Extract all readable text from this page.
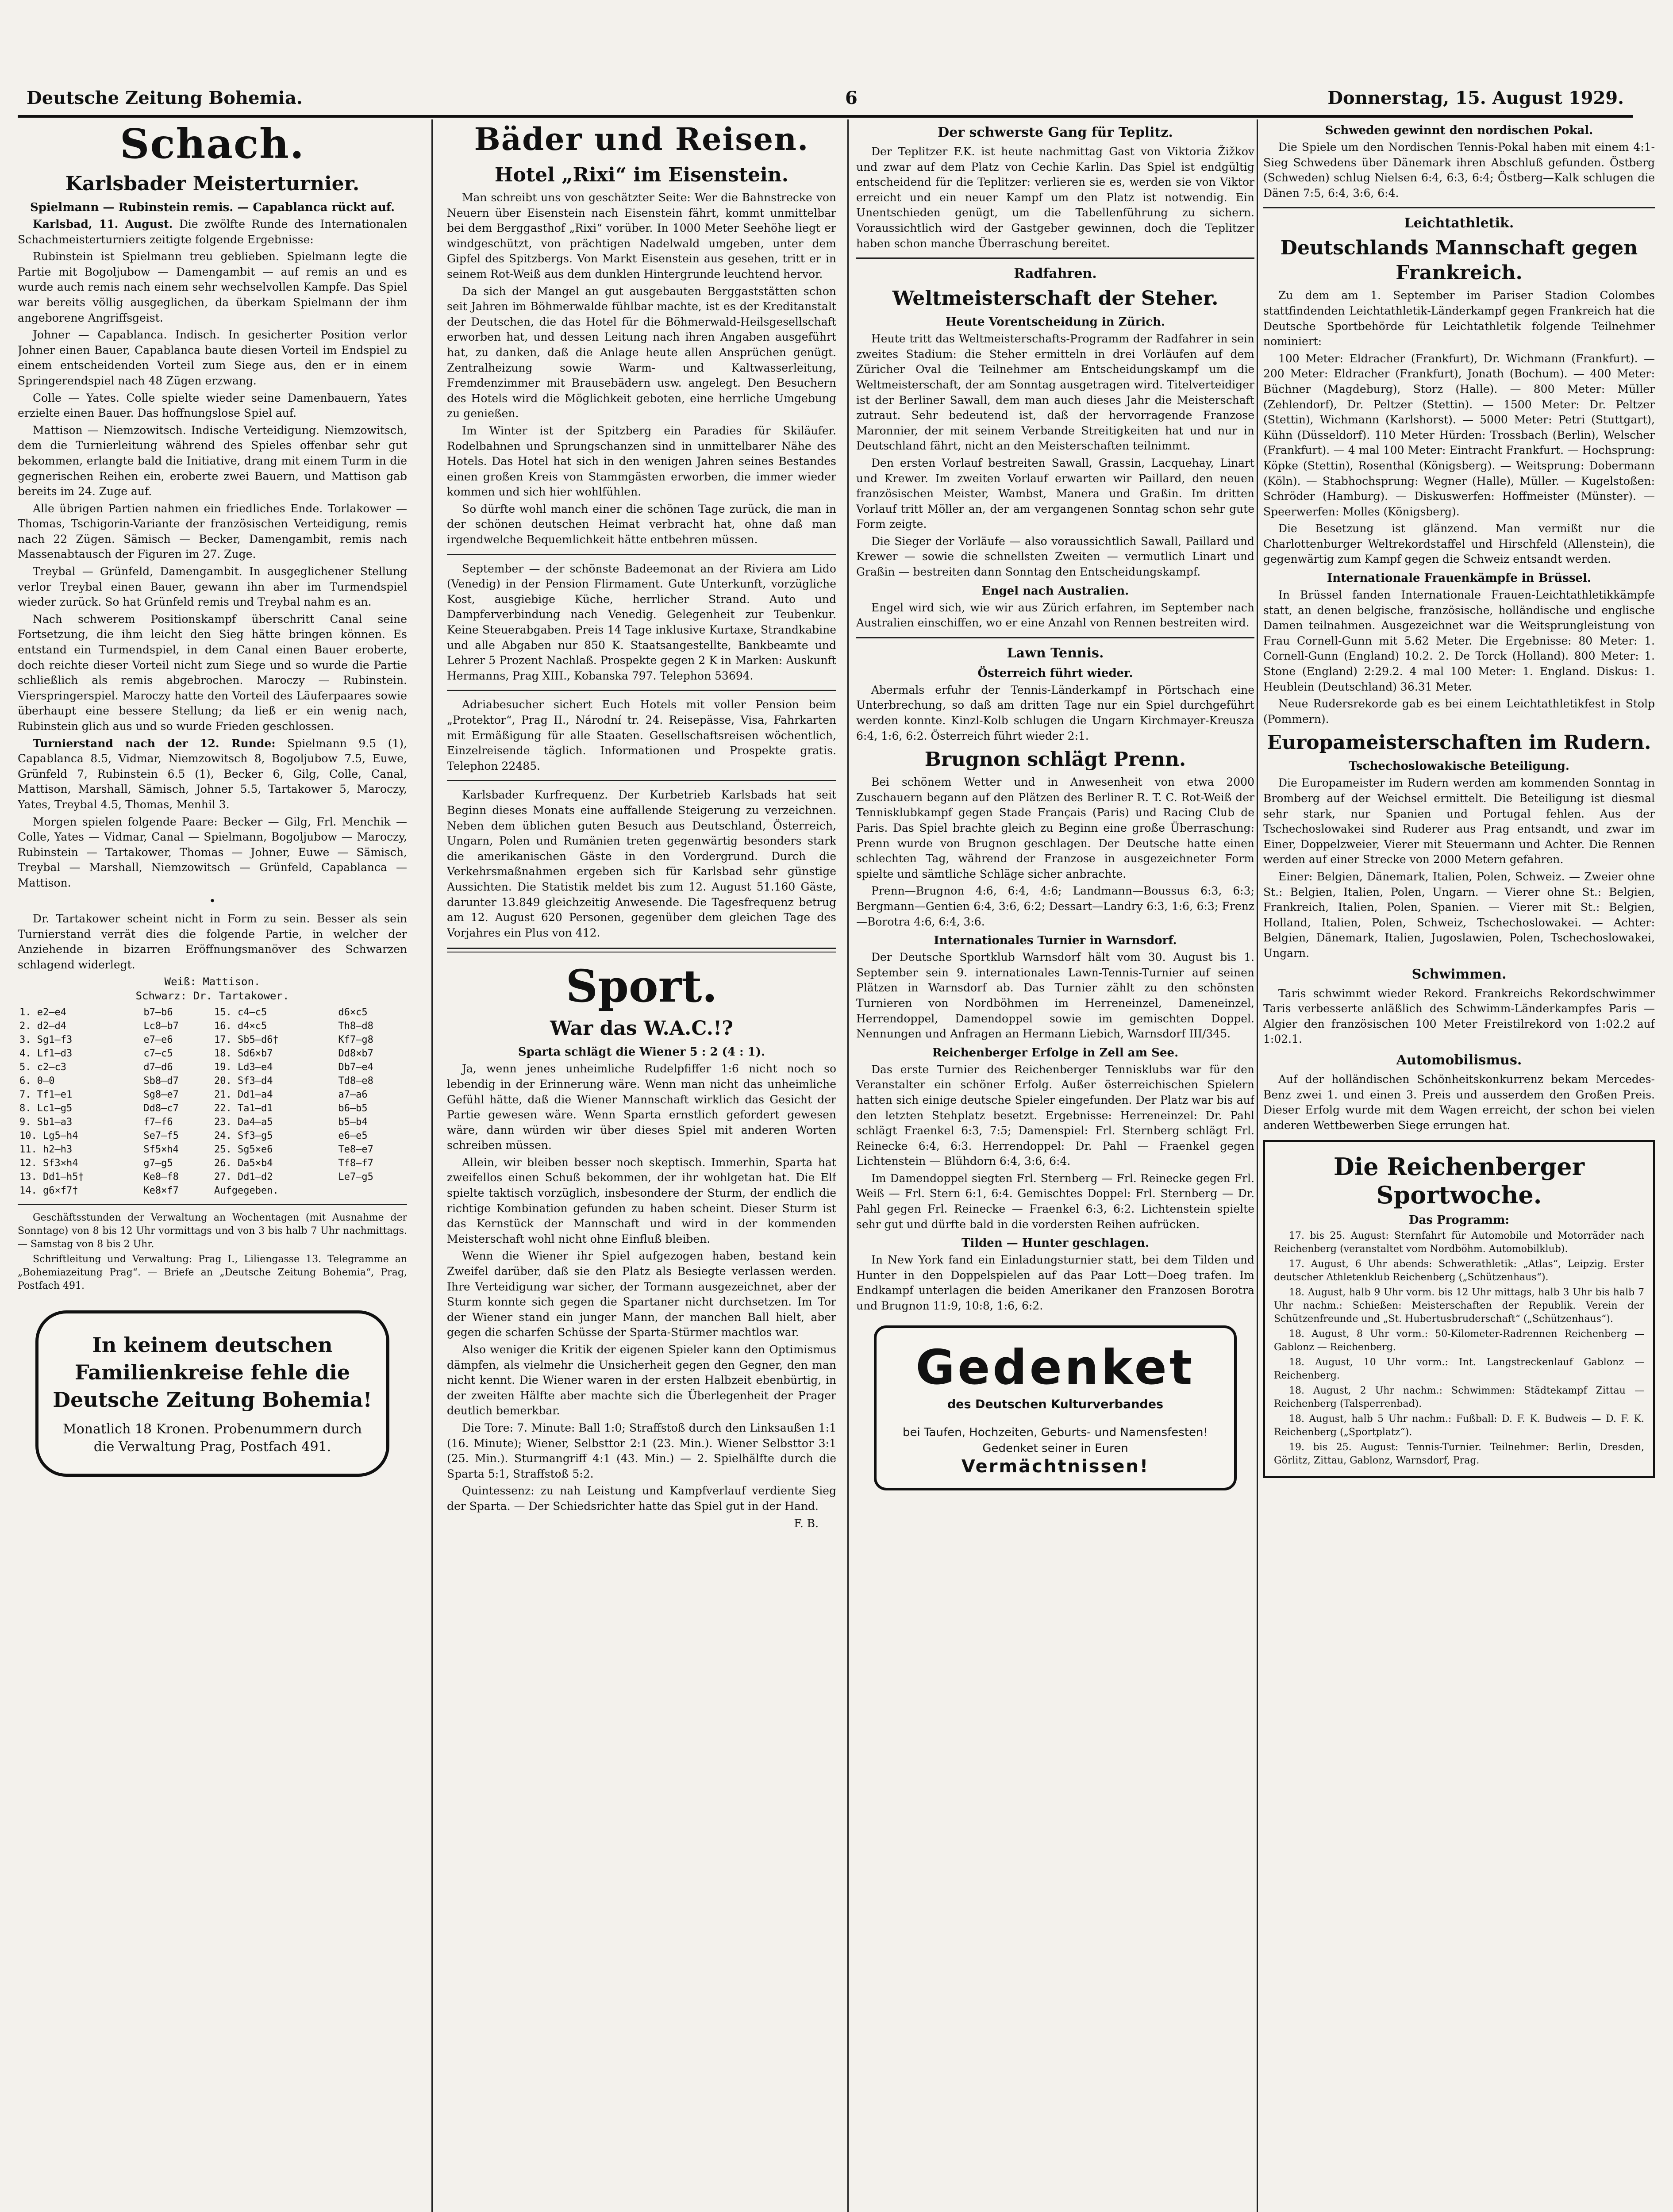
Deutsche Zeitung Bohemia.	6	Donnerstag, 15. August 1929.
Schach.
Karlsbader Meisterturnier.
Spielmann — Rubinstein remis. — Capablanca rückt auf.

Karlsbad, 11. August. Die zwölfte Runde des Internationalen Schachmeisterturniers zeitigte folgende Ergebnisse:

Rubinstein ist Spielmann treu geblieben. Spielmann legte die Partie mit Bogoljubow — Damengambit — auf remis an und es wurde auch remis nach einem sehr wechselvollen Kampfe. Das Spiel war bereits völlig ausgeglichen, da überkam Spielmann der ihm angeborene Angriffsgeist.

Johner — Capablanca. Indisch. In gesicherter Position verlor Johner einen Bauer, Capablanca baute diesen Vorteil im Endspiel zu einem entscheidenden Vorteil zum Siege aus, den er in einem Springerendspiel nach 48 Zügen erzwang.

Colle — Yates. Colle spielte wieder seine Damenbauern, Yates erzielte einen Bauer. Das hoffnungslose Spiel auf.

Mattison — Niemzowitsch. Indische Verteidigung. Niemzowitsch, dem die Turnierleitung während des Spieles offenbar sehr gut bekommen, erlangte bald die Initiative, drang mit einem Turm in die gegnerischen Reihen ein, eroberte zwei Bauern, und Mattison gab bereits im 24. Zuge auf.

Alle übrigen Partien nahmen ein friedliches Ende. Torlakower — Thomas, Tschigorin-Variante der französischen Verteidigung, remis nach 22 Zügen. Sämisch — Becker, Damengambit, remis nach Massenabtausch der Figuren im 27. Zuge.

Treybal — Grünfeld, Damengambit. In ausgeglichener Stellung verlor Treybal einen Bauer, gewann ihn aber im Turmendspiel wieder zurück. So hat Grünfeld remis und Treybal nahm es an.

Nach schwerem Positionskampf überschritt Canal seine Fortsetzung, die ihm leicht den Sieg hätte bringen können. Es entstand ein Turmendspiel, in dem Canal einen Bauer eroberte, doch reichte dieser Vorteil nicht zum Siege und so wurde die Partie schließlich als remis abgebrochen. Maroczy — Rubinstein. Vierspringerspiel. Maroczy hatte den Vorteil des Läuferpaares sowie überhaupt eine bessere Stellung; da ließ er ein wenig nach, Rubinstein glich aus und so wurde Frieden geschlossen.

Turnierstand nach der 12. Runde: Spielmann 9.5 (1), Capablanca 8.5, Vidmar, Niemzowitsch 8, Bogoljubow 7.5, Euwe, Grünfeld 7, Rubinstein 6.5 (1), Becker 6, Gilg, Colle, Canal, Mattison, Marshall, Sämisch, Johner 5.5, Tartakower 5, Maroczy, Yates, Treybal 4.5, Thomas, Menhil 3.

Morgen spielen folgende Paare: Becker — Gilg, Frl. Menchik — Colle, Yates — Vidmar, Canal — Spielmann, Bogoljubow — Maroczy, Rubinstein — Tartakower, Thomas — Johner, Euwe — Sämisch, Treybal — Marshall, Niemzowitsch — Grünfeld, Capablanca — Mattison.

•

Dr. Tartakower scheint nicht in Form zu sein. Besser als sein Turnierstand verrät dies die folgende Partie, in welcher der Anziehende in bizarren Eröffnungsmanöver des Schwarzen schlagend widerlegt.

Weiß: Mattison.
Schwarz: Dr. Tartakower.
1. e2—e4	b7—b6	15. c4—c5	d6×c5
2. d2—d4	Lc8—b7	16. d4×c5	Th8—d8
3. Sg1—f3	e7—e6	17. Sb5—d6†	Kf7—g8
4. Lf1—d3	c7—c5	18. Sd6×b7	Dd8×b7
5. c2—c3	d7—d6	19. Ld3—e4	Db7—e4
6. 0—0	Sb8—d7	20. Sf3—d4	Td8—e8
7. Tf1—e1	Sg8—e7	21. Dd1—a4	a7—a6
8. Lc1—g5	Dd8—c7	22. Ta1—d1	b6—b5
9. Sb1—a3	f7—f6	23. Da4—a5	b5—b4
10. Lg5—h4	Se7—f5	24. Sf3—g5	e6—e5
11. h2—h3	Sf5×h4	25. Sg5×e6	Te8—e7
12. Sf3×h4	g7—g5	26. Da5×b4	Tf8—f7
13. Dd1—h5†	Ke8—f8	27. Dd1—d2	Le7—g5
14. g6×f7†	Ke8×f7	Aufgegeben.	

Geschäftsstunden der Verwaltung an Wochentagen (mit Ausnahme der Sonntage) von 8 bis 12 Uhr vormittags und von 3 bis halb 7 Uhr nachmittags. — Samstag von 8 bis 2 Uhr.

Schriftleitung und Verwaltung: Prag I., Liliengasse 13. Telegramme an „Bohemiazeitung Prag“. — Briefe an „Deutsche Zeitung Bohemia“, Prag, Postfach 491.

In keinem deutschen Familienkreise fehle die Deutsche Zeitung Bohemia!
Monatlich 18 Kronen. Probenummern durch die Verwaltung Prag, Postfach 491.
Bäder und Reisen.
Hotel „Rixi“ im Eisenstein.

Man schreibt uns von geschätzter Seite: Wer die Bahnstrecke von Neuern über Eisenstein nach Eisenstein fährt, kommt unmittelbar bei dem Berggasthof „Rixi“ vorüber. In 1000 Meter Seehöhe liegt er windgeschützt, von prächtigen Nadelwald umgeben, unter dem Gipfel des Spitzbergs. Von Markt Eisenstein aus gesehen, tritt er in seinem Rot-Weiß aus dem dunklen Hintergrunde leuchtend hervor.

Da sich der Mangel an gut ausgebauten Berggaststätten schon seit Jahren im Böhmerwalde fühlbar machte, ist es der Kreditanstalt der Deutschen, die das Hotel für die Böhmerwald-Heilsgesellschaft erworben hat, und dessen Leitung nach ihren Angaben ausgeführt hat, zu danken, daß die Anlage heute allen Ansprüchen genügt. Zentralheizung sowie Warm- und Kaltwasserleitung, Fremdenzimmer mit Brausebädern usw. angelegt. Den Besuchern des Hotels wird die Möglichkeit geboten, eine herrliche Umgebung zu genießen.

Im Winter ist der Spitzberg ein Paradies für Skiläufer. Rodelbahnen und Sprungschanzen sind in unmittelbarer Nähe des Hotels. Das Hotel hat sich in den wenigen Jahren seines Bestandes einen großen Kreis von Stammgästen erworben, die immer wieder kommen und sich hier wohlfühlen.

So dürfte wohl manch einer die schönen Tage zurück, die man in der schönen deutschen Heimat verbracht hat, ohne daß man irgendwelche Bequemlichkeit hätte entbehren müssen.

September — der schönste Badeemonat an der Riviera am Lido (Venedig) in der Pension Flirmament. Gute Unterkunft, vorzügliche Kost, ausgiebige Küche, herrlicher Strand. Auto und Dampferverbindung nach Venedig. Gelegenheit zur Teubenkur. Keine Steuerabgaben. Preis 14 Tage inklusive Kurtaxe, Strandkabine und alle Abgaben nur 850 K. Staatsangestellte, Bankbeamte und Lehrer 5 Prozent Nachlaß. Prospekte gegen 2 K in Marken: Auskunft Hermanns, Prag XIII., Kobanska 797. Telephon 53694.

Adriabesucher sichert Euch Hotels mit voller Pension beim „Protektor“, Prag II., Národní tr. 24. Reisepässe, Visa, Fahrkarten mit Ermäßigung für alle Staaten. Gesellschaftsreisen wöchentlich, Einzelreisende täglich. Informationen und Prospekte gratis. Telephon 22485.

Karlsbader Kurfrequenz. Der Kurbetrieb Karlsbads hat seit Beginn dieses Monats eine auffallende Steigerung zu verzeichnen. Neben dem üblichen guten Besuch aus Deutschland, Österreich, Ungarn, Polen und Rumänien treten gegenwärtig besonders stark die amerikanischen Gäste in den Vordergrund. Durch die Verkehrsmaßnahmen ergeben sich für Karlsbad sehr günstige Aussichten. Die Statistik meldet bis zum 12. August 51.160 Gäste, darunter 13.849 gleichzeitig Anwesende. Die Tagesfrequenz betrug am 12. August 620 Personen, gegenüber dem gleichen Tage des Vorjahres ein Plus von 412.

Sport.
War das W.A.C.!?
Sparta schlägt die Wiener 5 : 2 (4 : 1).

Ja, wenn jenes unheimliche Rudelpfiffer 1:6 nicht noch so lebendig in der Erinnerung wäre. Wenn man nicht das unheimliche Gefühl hätte, daß die Wiener Mannschaft wirklich das Gesicht der Partie gewesen wäre. Wenn Sparta ernstlich gefordert gewesen wäre, dann würden wir über dieses Spiel mit anderen Worten schreiben müssen.

Allein, wir bleiben besser noch skeptisch. Immerhin, Sparta hat zweifellos einen Schuß bekommen, der ihr wohlgetan hat. Die Elf spielte taktisch vorzüglich, insbesondere der Sturm, der endlich die richtige Kombination gefunden zu haben scheint. Dieser Sturm ist das Kernstück der Mannschaft und wird in der kommenden Meisterschaft wohl nicht ohne Einfluß bleiben.

Wenn die Wiener ihr Spiel aufgezogen haben, bestand kein Zweifel darüber, daß sie den Platz als Besiegte verlassen werden. Ihre Verteidigung war sicher, der Tormann ausgezeichnet, aber der Sturm konnte sich gegen die Spartaner nicht durchsetzen. Im Tor der Wiener stand ein junger Mann, der manchen Ball hielt, aber gegen die scharfen Schüsse der Sparta-Stürmer machtlos war.

Also weniger die Kritik der eigenen Spieler kann den Optimismus dämpfen, als vielmehr die Unsicherheit gegen den Gegner, den man nicht kennt. Die Wiener waren in der ersten Halbzeit ebenbürtig, in der zweiten Hälfte aber machte sich die Überlegenheit der Prager deutlich bemerkbar.

Die Tore: 7. Minute: Ball 1:0; Straffstoß durch den Linksaußen 1:1 (16. Minute); Wiener, Selbsttor 2:1 (23. Min.). Wiener Selbsttor 3:1 (25. Min.). Sturmangriff 4:1 (43. Min.) — 2. Spielhälfte durch die Sparta 5:1, Straffstoß 5:2.

Quintessenz: zu nah Leistung und Kampfverlauf verdiente Sieg der Sparta. — Der Schiedsrichter hatte das Spiel gut in der Hand.

F. B.
Der schwerste Gang für Teplitz.

Der Teplitzer F.K. ist heute nachmittag Gast von Viktoria Žižkov und zwar auf dem Platz von Cechie Karlin. Das Spiel ist endgültig entscheidend für die Teplitzer: verlieren sie es, werden sie von Viktor erreicht und ein neuer Kampf um den Platz ist notwendig. Ein Unentschieden genügt, um die Tabellenführung zu sichern. Voraussichtlich wird der Gastgeber gewinnen, doch die Teplitzer haben schon manche Überraschung bereitet.

Radfahren.
Weltmeisterschaft der Steher.
Heute Vorentscheidung in Zürich.

Heute tritt das Weltmeisterschafts-Programm der Radfahrer in sein zweites Stadium: die Steher ermitteln in drei Vorläufen auf dem Züricher Oval die Teilnehmer am Entscheidungskampf um die Weltmeisterschaft, der am Sonntag ausgetragen wird. Titelverteidiger ist der Berliner Sawall, dem man auch dieses Jahr die Meisterschaft zutraut. Sehr bedeutend ist, daß der hervorragende Franzose Maronnier, der mit seinem Verbande Streitigkeiten hat und nur in Deutschland fährt, nicht an den Meisterschaften teilnimmt.

Den ersten Vorlauf bestreiten Sawall, Grassin, Lacquehay, Linart und Krewer. Im zweiten Vorlauf erwarten wir Paillard, den neuen französischen Meister, Wambst, Manera und Graßin. Im dritten Vorlauf tritt Möller an, der am vergangenen Sonntag schon sehr gute Form zeigte.

Die Sieger der Vorläufe — also voraussichtlich Sawall, Paillard und Krewer — sowie die schnellsten Zweiten — vermutlich Linart und Graßin — bestreiten dann Sonntag den Entscheidungskampf.

Engel nach Australien.

Engel wird sich, wie wir aus Zürich erfahren, im September nach Australien einschiffen, wo er eine Anzahl von Rennen bestreiten wird.

Lawn Tennis.
Österreich führt wieder.

Abermals erfuhr der Tennis-Länderkampf in Pörtschach eine Unterbrechung, so daß am dritten Tage nur ein Spiel durchgeführt werden konnte. Kinzl-Kolb schlugen die Ungarn Kirchmayer-Kreusza 6:4, 1:6, 6:2. Österreich führt wieder 2:1.

Brugnon schlägt Prenn.

Bei schönem Wetter und in Anwesenheit von etwa 2000 Zuschauern begann auf den Plätzen des Berliner R. T. C. Rot-Weiß der Tennisklubkampf gegen Stade Français (Paris) und Racing Club de Paris. Das Spiel brachte gleich zu Beginn eine große Überraschung: Prenn wurde von Brugnon geschlagen. Der Deutsche hatte einen schlechten Tag, während der Franzose in ausgezeichneter Form spielte und sämtliche Schläge sicher anbrachte.

Prenn—Brugnon 4:6, 6:4, 4:6; Landmann—Boussus 6:3, 6:3; Bergmann—Gentien 6:4, 3:6, 6:2; Dessart—Landry 6:3, 1:6, 6:3; Frenz—Borotra 4:6, 6:4, 3:6.

Internationales Turnier in Warnsdorf.

Der Deutsche Sportklub Warnsdorf hält vom 30. August bis 1. September sein 9. internationales Lawn-Tennis-Turnier auf seinen Plätzen in Warnsdorf ab. Das Turnier zählt zu den schönsten Turnieren von Nordböhmen im Herreneinzel, Dameneinzel, Herrendoppel, Damendoppel sowie im gemischten Doppel. Nennungen und Anfragen an Hermann Liebich, Warnsdorf III/345.

Reichenberger Erfolge in Zell am See.

Das erste Turnier des Reichenberger Tennisklubs war für den Veranstalter ein schöner Erfolg. Außer österreichischen Spielern hatten sich einige deutsche Spieler eingefunden. Der Platz war bis auf den letzten Stehplatz besetzt. Ergebnisse: Herreneinzel: Dr. Pahl schlägt Fraenkel 6:3, 7:5; Damenspiel: Frl. Sternberg schlägt Frl. Reinecke 6:4, 6:3. Herrendoppel: Dr. Pahl — Fraenkel gegen Lichtenstein — Blühdorn 6:4, 3:6, 6:4.

Im Damendoppel siegten Frl. Sternberg — Frl. Reinecke gegen Frl. Weiß — Frl. Stern 6:1, 6:4. Gemischtes Doppel: Frl. Sternberg — Dr. Pahl gegen Frl. Reinecke — Fraenkel 6:3, 6:2. Lichtenstein spielte sehr gut und dürfte bald in die vordersten Reihen aufrücken.

Tilden — Hunter geschlagen.

In New York fand ein Einladungsturnier statt, bei dem Tilden und Hunter in den Doppelspielen auf das Paar Lott—Doeg trafen. Im Endkampf unterlagen die beiden Amerikaner den Franzosen Borotra und Brugnon 11:9, 10:8, 1:6, 6:2.

Gedenket
des Deutschen Kulturverbandes
bei Taufen, Hochzeiten, Geburts- und Namensfesten! Gedenket seiner in Euren
Vermächtnissen!
Schweden gewinnt den nordischen Pokal.

Die Spiele um den Nordischen Tennis-Pokal haben mit einem 4:1-Sieg Schwedens über Dänemark ihren Abschluß gefunden. Östberg (Schweden) schlug Nielsen 6:4, 6:3, 6:4; Östberg—Kalk schlugen die Dänen 7:5, 6:4, 3:6, 6:4.

Leichtathletik.
Deutschlands Mannschaft gegen Frankreich.

Zu dem am 1. September im Pariser Stadion Colombes stattfindenden Leichtathletik-Länderkampf gegen Frankreich hat die Deutsche Sportbehörde für Leichtathletik folgende Teilnehmer nominiert:

100 Meter: Eldracher (Frankfurt), Dr. Wichmann (Frankfurt). — 200 Meter: Eldracher (Frankfurt), Jonath (Bochum). — 400 Meter: Büchner (Magdeburg), Storz (Halle). — 800 Meter: Müller (Zehlendorf), Dr. Peltzer (Stettin). — 1500 Meter: Dr. Peltzer (Stettin), Wichmann (Karlshorst). — 5000 Meter: Petri (Stuttgart), Kühn (Düsseldorf). 110 Meter Hürden: Trossbach (Berlin), Welscher (Frankfurt). — 4 mal 100 Meter: Eintracht Frankfurt. — Hochsprung: Köpke (Stettin), Rosenthal (Königsberg). — Weitsprung: Dobermann (Köln). — Stabhochsprung: Wegner (Halle), Müller. — Kugelstoßen: Schröder (Hamburg). — Diskuswerfen: Hoffmeister (Münster). — Speerwerfen: Molles (Königsberg).

Die Besetzung ist glänzend. Man vermißt nur die Charlottenburger Weltrekordstaffel und Hirschfeld (Allenstein), die gegenwärtig zum Kampf gegen die Schweiz entsandt werden.

Internationale Frauenkämpfe in Brüssel.

In Brüssel fanden Internationale Frauen-Leichtathletikkämpfe statt, an denen belgische, französische, holländische und englische Damen teilnahmen. Ausgezeichnet war die Weitsprungleistung von Frau Cornell-Gunn mit 5.62 Meter. Die Ergebnisse: 80 Meter: 1. Cornell-Gunn (England) 10.2. 2. De Torck (Holland). 800 Meter: 1. Stone (England) 2:29.2. 4 mal 100 Meter: 1. England. Diskus: 1. Heublein (Deutschland) 36.31 Meter.

Neue Rudersrekorde gab es bei einem Leichtathletikfest in Stolp (Pommern).

Europameisterschaften im Rudern.
Tschechoslowakische Beteiligung.

Die Europameister im Rudern werden am kommenden Sonntag in Bromberg auf der Weichsel ermittelt. Die Beteiligung ist diesmal sehr stark, nur Spanien und Portugal fehlen. Aus der Tschechoslowakei sind Ruderer aus Prag entsandt, und zwar im Einer, Doppelzweier, Vierer mit Steuermann und Achter. Die Rennen werden auf einer Strecke von 2000 Metern gefahren.

Einer: Belgien, Dänemark, Italien, Polen, Schweiz. — Zweier ohne St.: Belgien, Italien, Polen, Ungarn. — Vierer ohne St.: Belgien, Frankreich, Italien, Polen, Spanien. — Vierer mit St.: Belgien, Holland, Italien, Polen, Schweiz, Tschechoslowakei. — Achter: Belgien, Dänemark, Italien, Jugoslawien, Polen, Tschechoslowakei, Ungarn.

Schwimmen.

Taris schwimmt wieder Rekord. Frankreichs Rekordschwimmer Taris verbesserte anläßlich des Schwimm-Länderkampfes Paris — Algier den französischen 100 Meter Freistilrekord von 1:02.2 auf 1:02.1.

Automobilismus.

Auf der holländischen Schönheitskonkurrenz bekam Mercedes-Benz zwei 1. und einen 3. Preis und ausserdem den Großen Preis. Dieser Erfolg wurde mit dem Wagen erreicht, der schon bei vielen anderen Wettbewerben Siege errungen hat.

Die Reichenberger Sportwoche.
Das Programm:

17. bis 25. August: Sternfahrt für Automobile und Motorräder nach Reichenberg (veranstaltet vom Nordböhm. Automobilklub).

17. August, 6 Uhr abends: Schwerathletik: „Atlas“, Leipzig. Erster deutscher Athletenklub Reichenberg („Schützenhaus“).

18. August, halb 9 Uhr vorm. bis 12 Uhr mittags, halb 3 Uhr bis halb 7 Uhr nachm.: Schießen: Meisterschaften der Republik. Verein der Schützenfreunde und „St. Hubertusbruderschaft“ („Schützenhaus“).

18. August, 8 Uhr vorm.: 50-Kilometer-Radrennen Reichenberg — Gablonz — Reichenberg.

18. August, 10 Uhr vorm.: Int. Langstreckenlauf Gablonz — Reichenberg.

18. August, 2 Uhr nachm.: Schwimmen: Städtekampf Zittau — Reichenberg (Talsperrenbad).

18. August, halb 5 Uhr nachm.: Fußball: D. F. K. Budweis — D. F. K. Reichenberg („Sportplatz“).

19. bis 25. August: Tennis-Turnier. Teilnehmer: Berlin, Dresden, Görlitz, Zittau, Gablonz, Warnsdorf, Prag.
